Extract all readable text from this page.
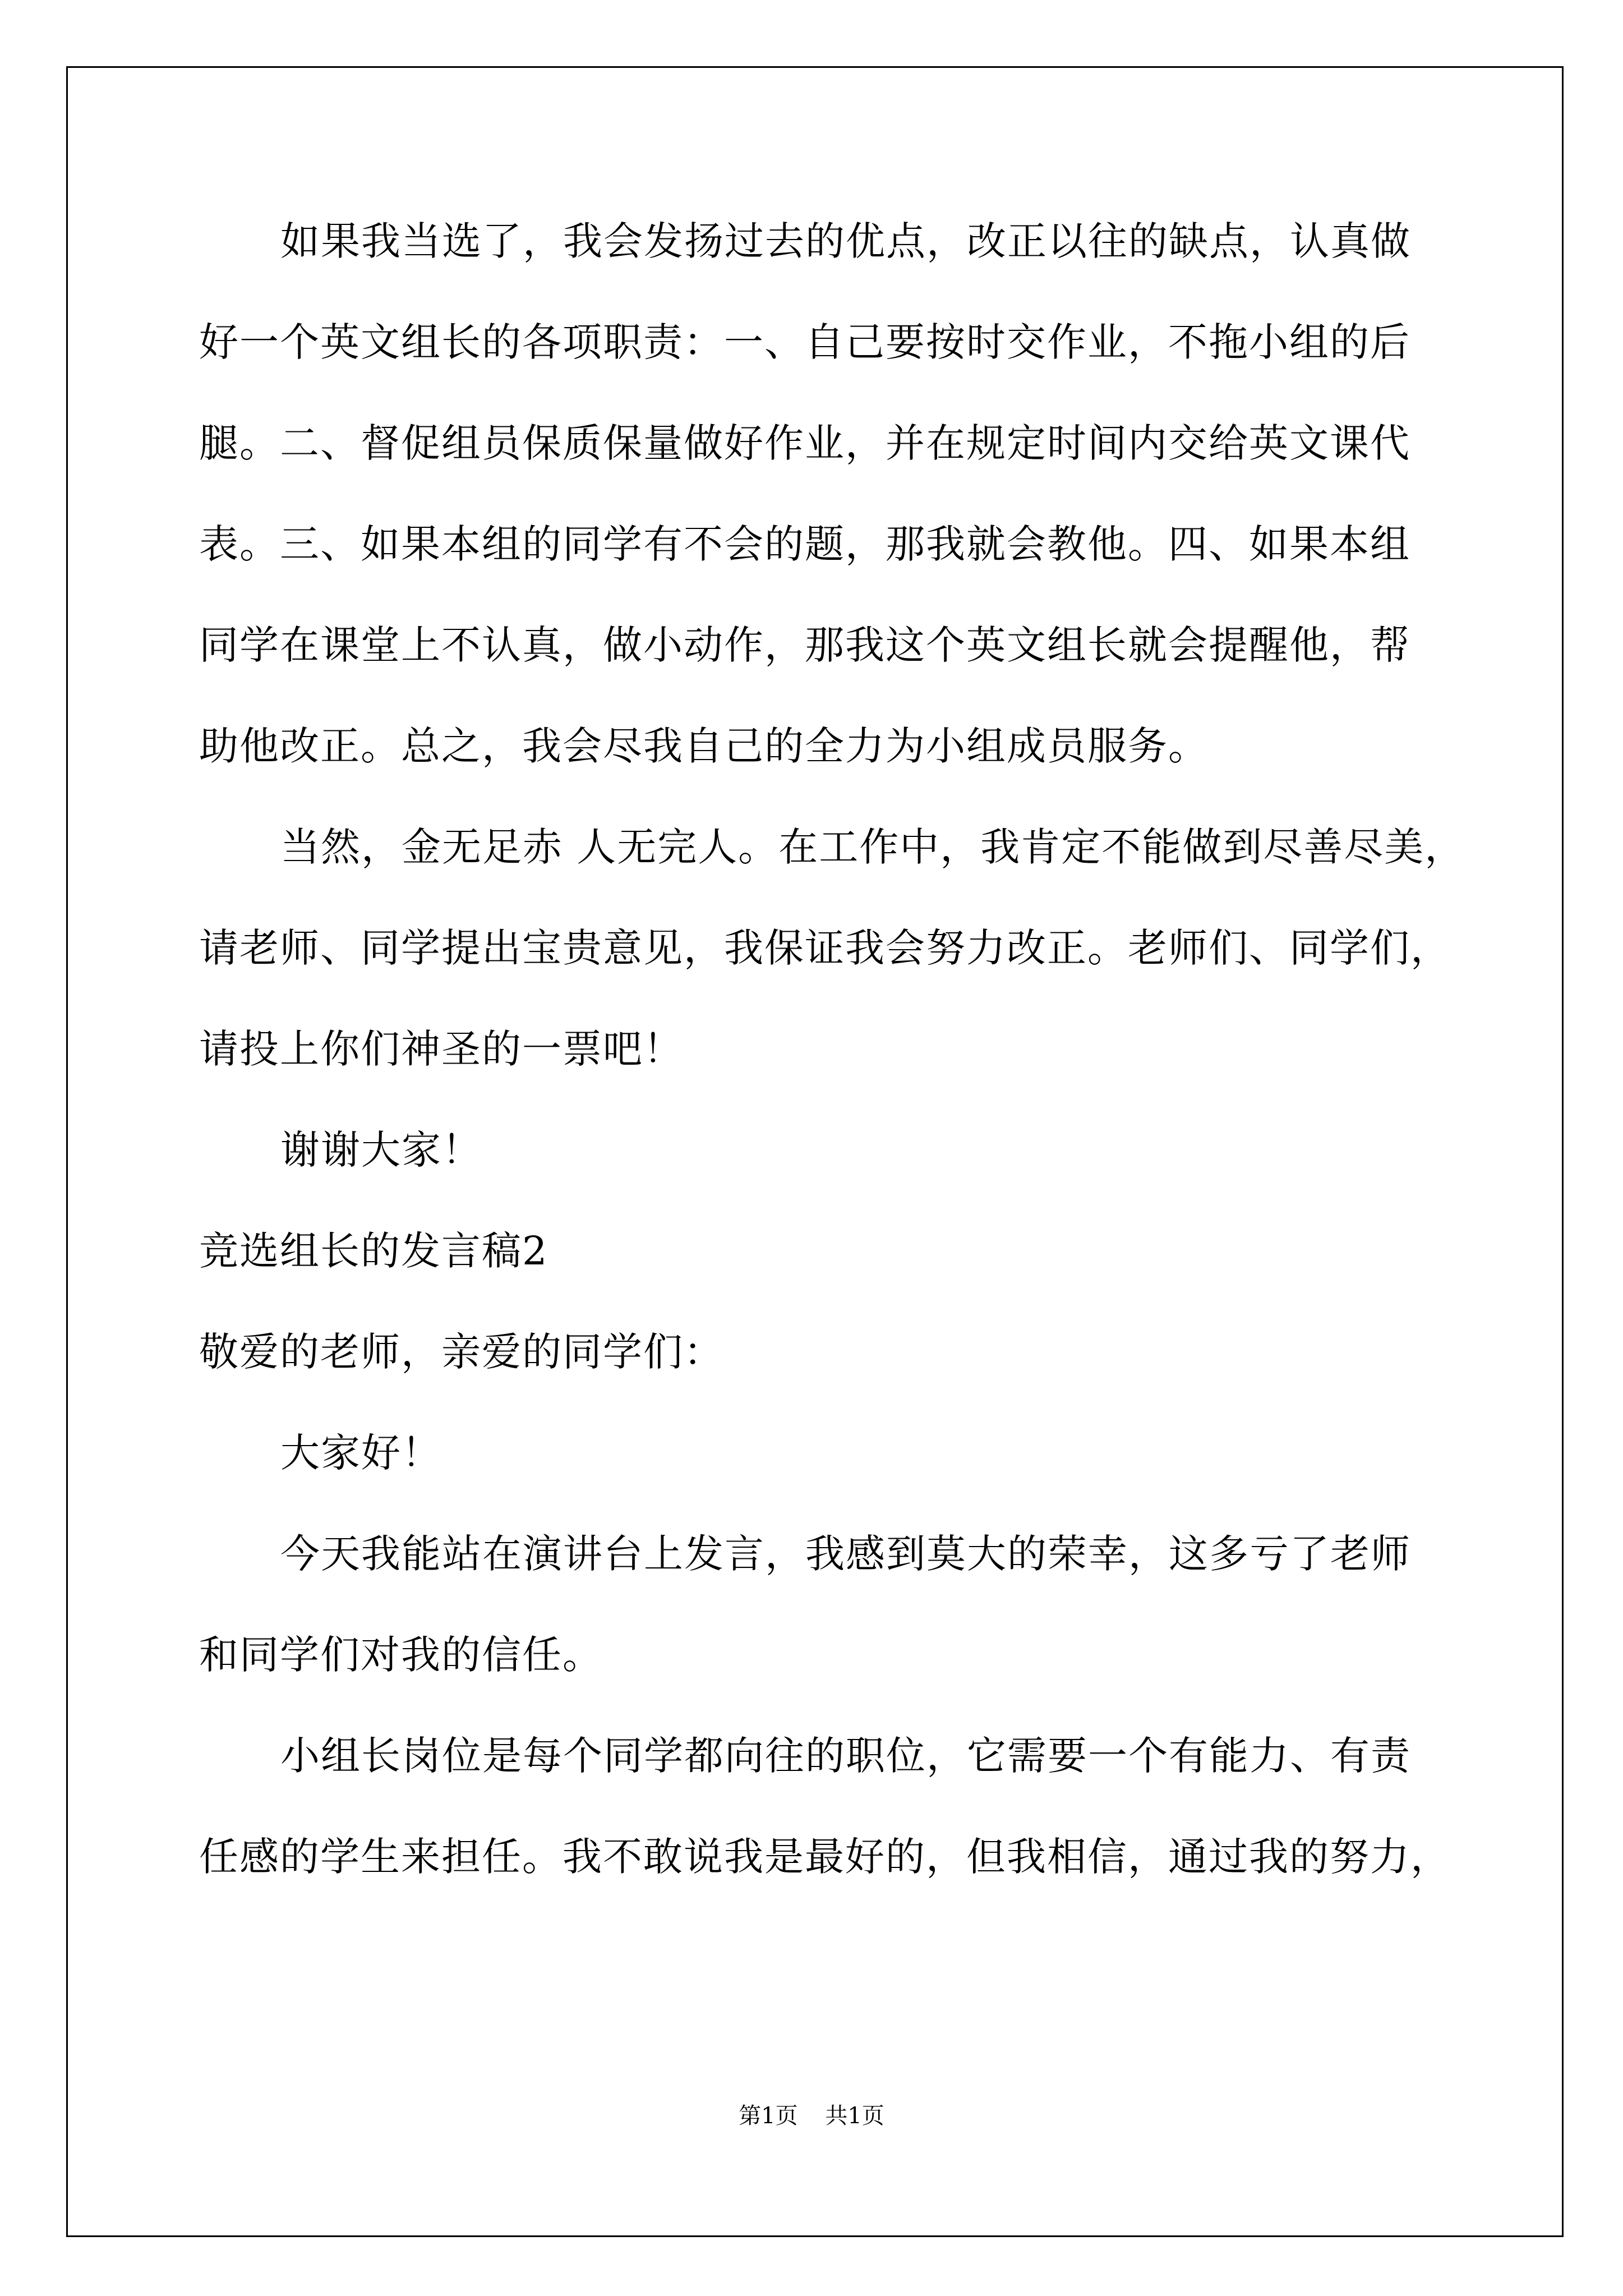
如果我当选了，我会发扬过去的优点，改正以往的缺点，认真做
好一个英文组长的各项职责：一、自己要按时交作业，不拖小组的后
腿。二、督促组员保质保量做好作业，并在规定时间内交给英文课代
表。三、如果本组的同学有不会的题，那我就会教他。四、如果本组
同学在课堂上不认真，做小动作，那我这个英文组长就会提醒他，帮
助他改正。总之，我会尽我自己的全力为小组成员服务。
当然，金无足赤 人无完人。在工作中，我肯定不能做到尽善尽美，
请老师、同学提出宝贵意见，我保证我会努力改正。老师们、同学们，
请投上你们神圣的一票吧！
谢谢大家！
竞选组长的发言稿2
敬爱的老师，亲爱的同学们：
大家好！
今天我能站在演讲台上发言，我感到莫大的荣幸，这多亏了老师
和同学们对我的信任。
小组长岗位是每个同学都向往的职位，它需要一个有能力、有责
任感的学生来担任。我不敢说我是最好的，但我相信，通过我的努力，
第1页 共1页
